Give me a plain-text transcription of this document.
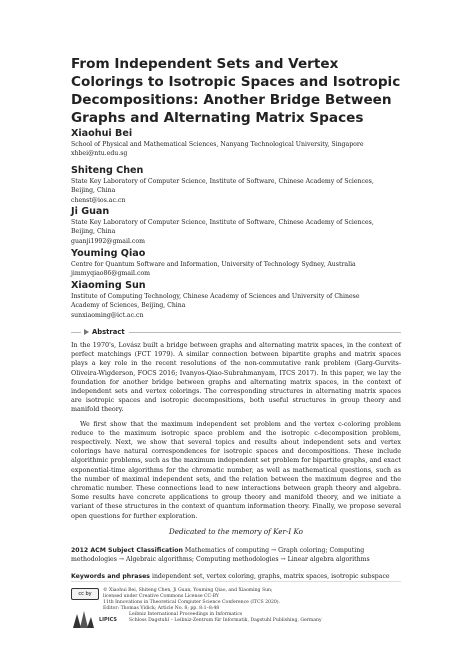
From Independent Sets and Vertex Colorings to Isotropic Spaces and Isotropic Decompositions: Another Bridge Between Graphs and Alternating Matrix Spaces
Xiaohui Bei
School of Physical and Mathematical Sciences, Nanyang Technological University, Singapore
xhbei@ntu.edu.sg
Shiteng Chen
State Key Laboratory of Computer Science, Institute of Software, Chinese Academy of Sciences,
Beijing, China
chenst@ios.ac.cn
Ji Guan
State Key Laboratory of Computer Science, Institute of Software, Chinese Academy of Sciences,
Beijing, China
guanji1992@gmail.com
Youming Qiao
Centre for Quantum Software and Information, University of Technology Sydney, Australia
jimmyqiao86@gmail.com
Xiaoming Sun
Institute of Computing Technology, Chinese Academy of Sciences and University of Chinese
Academy of Sciences, Beijing, China
sunxiaoming@ict.ac.cn
Abstract

In the 1970's, Lovász built a bridge between graphs and alternating matrix spaces, in the context of perfect matchings (FCT 1979). A similar connection between bipartite graphs and matrix spaces plays a key role in the recent resolutions of the non-commutative rank problem (Garg-Gurvits-Oliveira-Wigderson, FOCS 2016; Ivanyos-Qiao-Subrahmanyam, ITCS 2017). In this paper, we lay the foundation for another bridge between graphs and alternating matrix spaces, in the context of independent sets and vertex colorings. The corresponding structures in alternating matrix spaces are isotropic spaces and isotropic decompositions, both useful structures in group theory and manifold theory.

We first show that the maximum independent set problem and the vertex c-coloring problem reduce to the maximum isotropic space problem and the isotropic c-decomposition problem, respectively. Next, we show that several topics and results about independent sets and vertex colorings have natural correspondences for isotropic spaces and decompositions. These include algorithmic problems, such as the maximum independent set problem for bipartite graphs, and exact exponential-time algorithms for the chromatic number, as well as mathematical questions, such as the number of maximal independent sets, and the relation between the maximum degree and the chromatic number. These connections lead to new interactions between graph theory and algebra. Some results have concrete applications to group theory and manifold theory, and we initiate a variant of these structures in the context of quantum information theory. Finally, we propose several open questions for further exploration.

Dedicated to the memory of Ker-I Ko
2012 ACM Subject Classification Mathematics of computing → Graph coloring; Computing methodologies → Algebraic algorithms; Computing methodologies → Linear algebra algorithms
Keywords and phrases independent set, vertex coloring, graphs, matrix spaces, isotropic subspace
cc by
© Xiaohui Bei, Shiteng Chen, Ji Guan, Youming Qiao, and Xiaoming Sun;
licensed under Creative Commons License CC-BY
11th Innovations in Theoretical Computer Science Conference (ITCS 2020).
Editor: Thomas Vidick; Article No. 8; pp. 8:1–8:48
LIPICS
Leibniz International Proceedings in Informatics
Schloss Dagstuhl – Leibniz-Zentrum für Informatik, Dagstuhl Publishing, Germany
